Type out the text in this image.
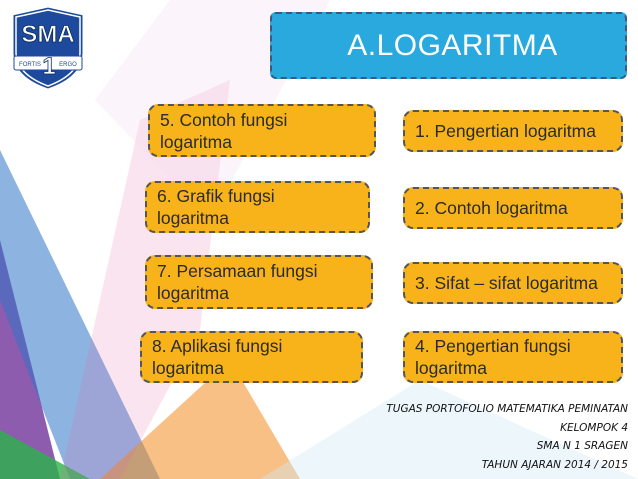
SMA
FORTIS	ERGO
1
A.LOGARITMA
5. Contoh fungsi
logaritma
1. Pengertian logaritma
6. Grafik fungsi
logaritma	2. Contoh logaritma
7. Persamaan fungsi
logaritma	3. Sifat – sifat logaritma
8. Aplikasi fungsi
logaritma
4. Pengertian fungsi
logaritma
TUGAS PORTOFOLIO MATEMATIKA PEMINATAN
KELOMPOK 4
SMA N 1 SRAGEN
TAHUN AJARAN 2014 / 2015
